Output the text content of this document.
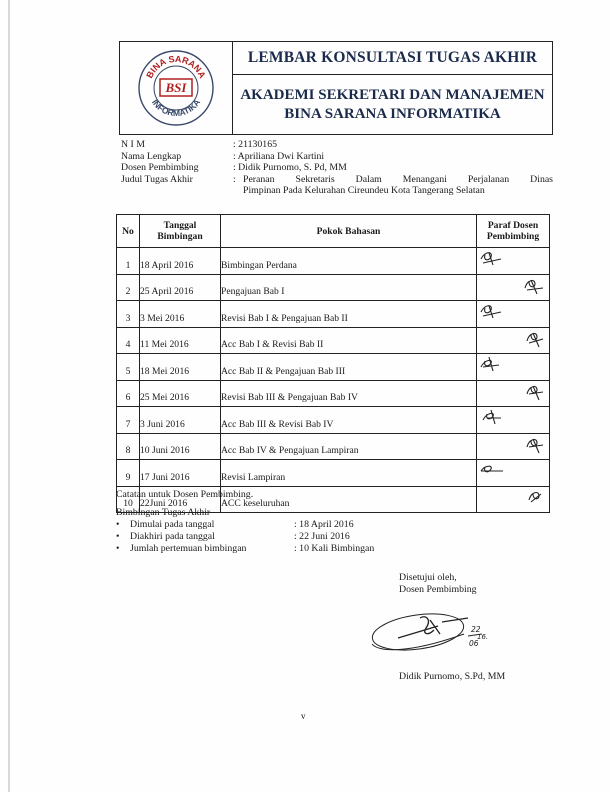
BINA SARANA
INFORMATIKA
BSI
LEMBAR KONSULTASI TUGAS AKHIR
AKADEMI SEKRETARI DAN MANAJEMEN
BINA SARANA INFORMATIKA
N I M	: 21130165
Nama Lengkap	: Apriliana Dwi Kartini
Dosen Pembimbing	: Didik Purnomo, S. Pd, MM
Judul Tugas Akhir	: Peranan Sekretaris Dalam Menangani Perjalanan Dinas
Pimpinan Pada Kelurahan Cireundeu Kota Tangerang Selatan
No	Tanggal Bimbingan	Pokok Bahasan	Paraf Dosen Pembimbing
1	18 April 2016	Bimbingan Perdana	

2	25 April 2016	Pengajuan Bab I	

3	3 Mei 2016	Revisi Bab I & Pengajuan Bab II	

4	11 Mei 2016	Acc Bab I & Revisi Bab II	

5	18 Mei 2016	Acc Bab II & Pengajuan Bab III	

6	25 Mei 2016	Revisi Bab III & Pengajuan Bab IV	

7	3 Juni 2016	Acc Bab III & Revisi Bab IV	

8	10 Juni 2016	Acc Bab IV & Pengajuan Lampiran	

9	17 Juni 2016	Revisi Lampiran	

10	22Juni 2016	ACC keseluruhan	
Catatan untuk Dosen Pembimbing.
Bimbingan Tugas Akhir
•	Dimulai pada tanggal	: 18 April 2016
•	Diakhiri pada tanggal	: 22 Juni 2016
•	Jumlah pertemuan bimbingan	: 10 Kali Bimbingan
Disetujui oleh,
Dosen Pembimbing
22
06
16.
Didik Purnomo, S.Pd, MM
v
